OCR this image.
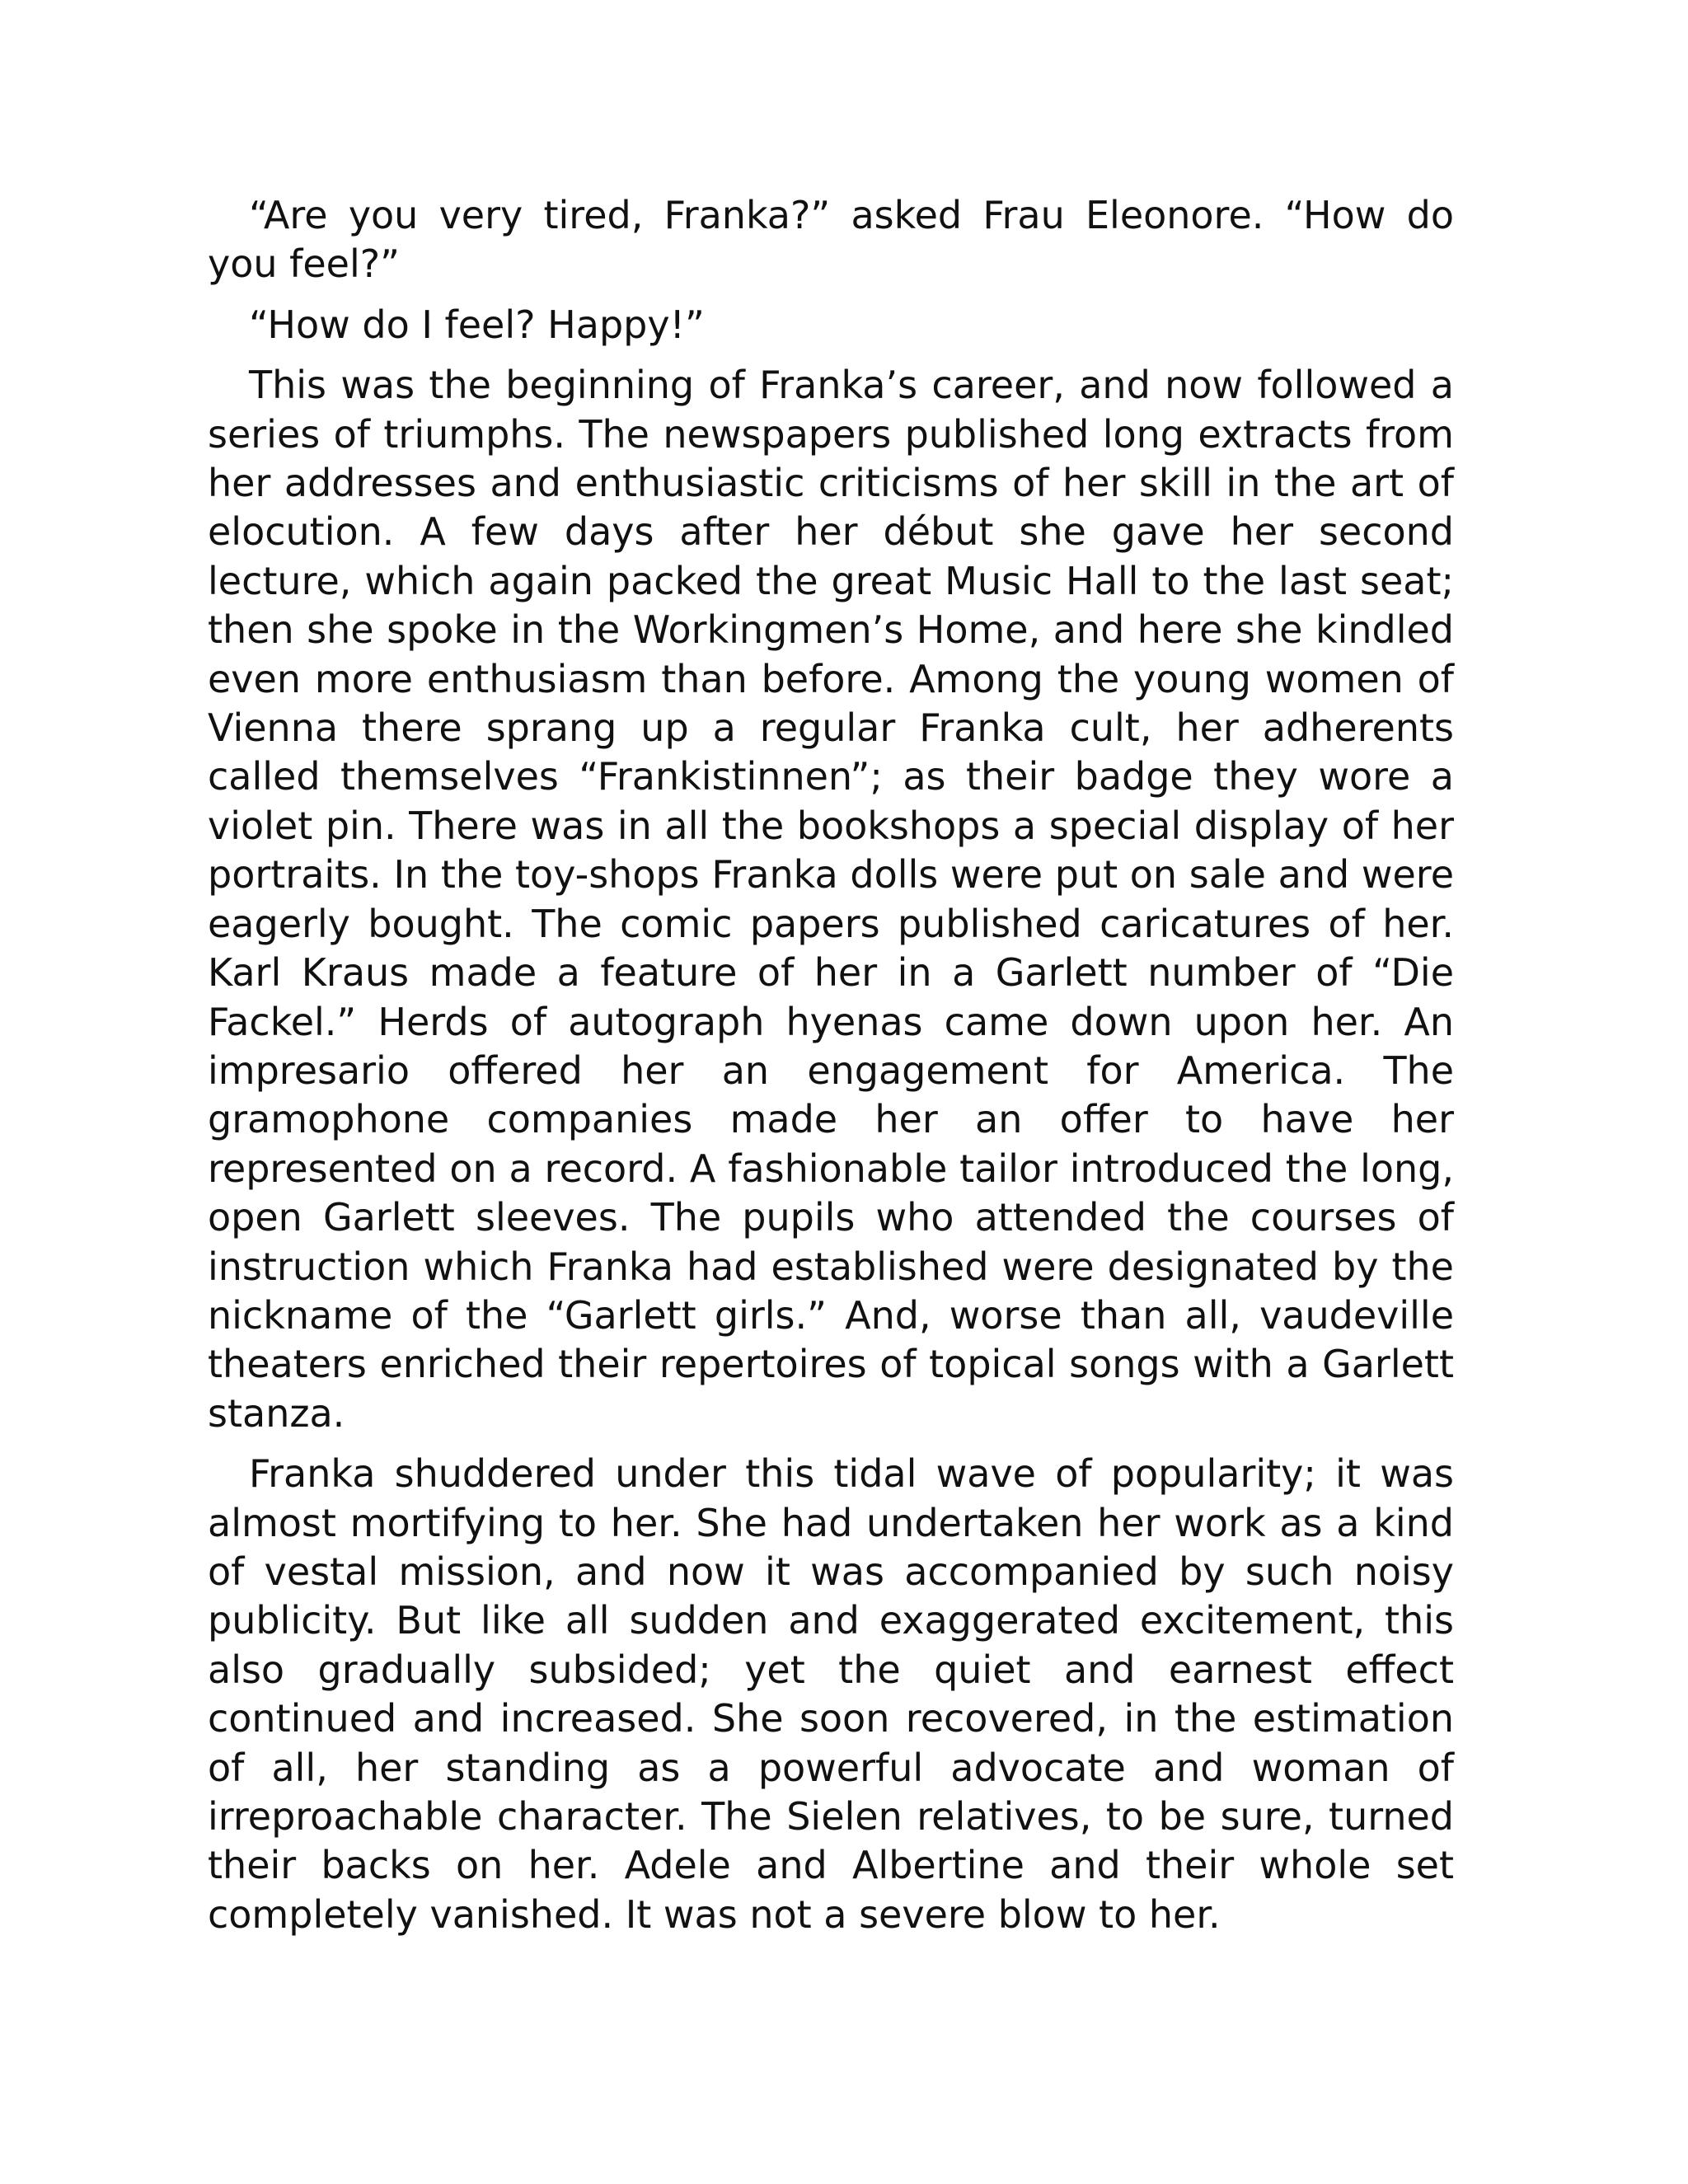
“Are you very tired, Franka?” asked Frau Eleonore. “How do you feel?”

“How do I feel? Happy!”

This was the beginning of Franka’s career, and now followed a series of triumphs. The newspapers published long extracts from her addresses and enthusiastic criticisms of her skill in the art of elocution. A few days after her début she gave her second lecture, which again packed the great Music Hall to the last seat; then she spoke in the Workingmen’s Home, and here she kindled even more enthusiasm than before. Among the young women of Vienna there sprang up a regular Franka cult, her adherents called themselves “Frankistinnen”; as their badge they wore a violet pin. There was in all the bookshops a special display of her portraits. In the toy-shops Franka dolls were put on sale and were eagerly bought. The comic papers published caricatures of her. Karl Kraus made a feature of her in a Garlett number of “Die Fackel.” Herds of autograph hyenas came down upon her. An impresario offered her an engagement for America. The gramophone companies made her an offer to have her represented on a record. A fashionable tailor introduced the long, open Garlett sleeves. The pupils who attended the courses of instruction which Franka had established were designated by the nickname of the “Garlett girls.” And, worse than all, vaudeville theaters enriched their repertoires of topical songs with a Garlett stanza.

Franka shuddered under this tidal wave of popularity; it was almost mortifying to her. She had undertaken her work as a kind of vestal mission, and now it was accompanied by such noisy publicity. But like all sudden and exaggerated excitement, this also gradually subsided; yet the quiet and earnest effect continued and increased. She soon recovered, in the estimation of all, her standing as a powerful advocate and woman of irreproachable character. The Sielen relatives, to be sure, turned their backs on her. Adele and Albertine and their whole set completely vanished. It was not a severe blow to her.
